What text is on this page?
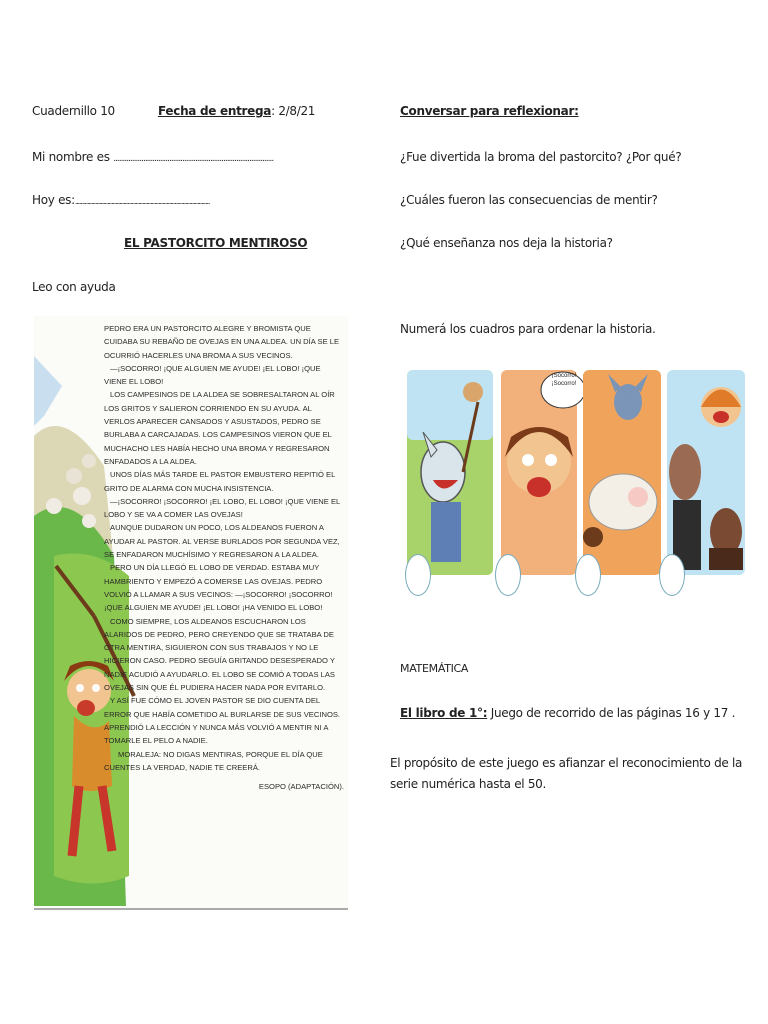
Cuadernillo 10	Fecha de entrega: 2/8/21
Mi nombre es ......................................................................................
Hoy es:....................................................................................................
EL PASTORCITO MENTIROSO
Leo con ayuda

PEDRO ERA UN PASTORCITO ALEGRE Y BROMISTA QUE CUIDABA SU REBAÑO DE OVEJAS EN UNA ALDEA. UN DÍA SE LE OCURRIÓ HACERLES UNA BROMA A SUS VECINOS.

—¡SOCORRO! ¡QUE ALGUIEN ME AYUDE! ¡EL LOBO! ¡QUE VIENE EL LOBO!

LOS CAMPESINOS DE LA ALDEA SE SOBRESALTARON AL OÍR LOS GRITOS Y SALIERON CORRIENDO EN SU AYUDA. AL VERLOS APARECER CANSADOS Y ASUSTADOS, PEDRO SE BURLABA A CARCAJADAS. LOS CAMPESINOS VIERON QUE EL MUCHACHO LES HABÍA HECHO UNA BROMA Y REGRESARON ENFADADOS A LA ALDEA.

UNOS DÍAS MÁS TARDE EL PASTOR EMBUSTERO REPITIÓ EL GRITO DE ALARMA CON MUCHA INSISTENCIA.

—¡SOCORRO! ¡SOCORRO! ¡EL LOBO, EL LOBO! ¡QUE VIENE EL LOBO Y SE VA A COMER LAS OVEJAS!

AUNQUE DUDARON UN POCO, LOS ALDEANOS FUERON A AYUDAR AL PASTOR. AL VERSE BURLADOS POR SEGUNDA VEZ, SE ENFADARON MUCHÍSIMO Y REGRESARON A LA ALDEA.

PERO UN DÍA LLEGÓ EL LOBO DE VERDAD. ESTABA MUY HAMBRIENTO Y EMPEZÓ A COMERSE LAS OVEJAS. PEDRO VOLVIÓ A LLAMAR A SUS VECINOS: —¡SOCORRO! ¡SOCORRO! ¡QUE ALGUIEN ME AYUDE! ¡EL LOBO! ¡HA VENIDO EL LOBO!

COMO SIEMPRE, LOS ALDEANOS ESCUCHARON LOS ALARIDOS DE PEDRO, PERO CREYENDO QUE SE TRATABA DE OTRA MENTIRA, SIGUIERON CON SUS TRABAJOS Y NO LE HICIERON CASO. PEDRO SEGUÍA GRITANDO DESESPERADO Y NADIE ACUDIÓ A AYUDARLO. EL LOBO SE COMIÓ A TODAS LAS OVEJAS SIN QUE ÉL PUDIERA HACER NADA POR EVITARLO.

Y ASÍ FUE CÓMO EL JOVEN PASTOR SE DIO CUENTA DEL ERROR QUE HABÍA COMETIDO AL BURLARSE DE SUS VECINOS. APRENDIÓ LA LECCIÓN Y NUNCA MÁS VOLVIÓ A MENTIR NI A TOMARLE EL PELO A NADIE.

MORALEJA: NO DIGAS MENTIRAS, PORQUE EL DÍA QUE CUENTES LA VERDAD, NADIE TE CREERÁ.

ESOPO (ADAPTACIÓN).

Conversar para reflexionar:
¿Fue divertida la broma del pastorcito? ¿Por qué?
¿Cuáles fueron las consecuencias de mentir?
¿Qué enseñanza nos deja la historia?
Numerá los cuadros para ordenar la historia.
¡Socorro! ¡Socorro!
MATEMÁTICA
El libro de 1°: Juego de recorrido de las páginas 16 y 17 .
El propósito de este juego es afianzar el reconocimiento de la serie numérica hasta el 50.
